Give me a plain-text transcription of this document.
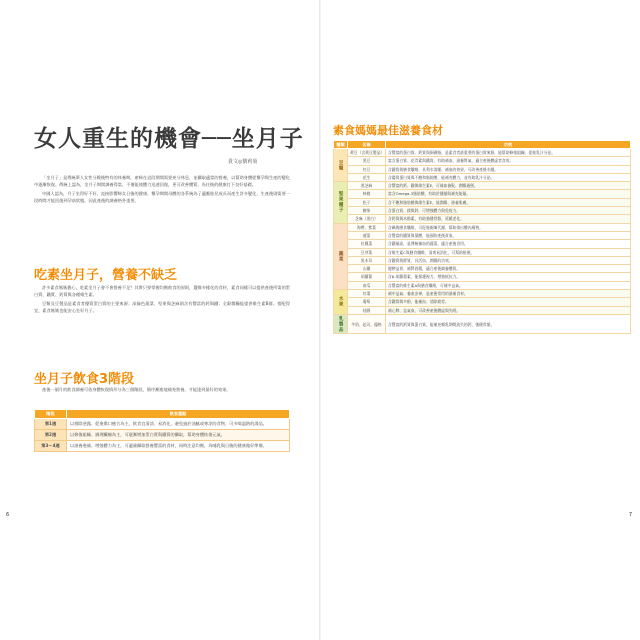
女人重生的機會──坐月子
貴文◎劉莉菊

「坐月子」是傳統華人女性分娩後特有的休養期。產婦在這段期間需要充分休息，並攝取適當的營養，以幫助身體從懷孕與生產的變化中逐漸恢復。傳統上認為，坐月子期間調養得當，不僅能使體力迅速回復，更可改善體質，為往後的健康打下良好基礎。

中國人認為，月子坐得好不好，直接影響婦女日後的健康。懷孕期間母體的各系統為了適應胎兒成長而產生許多變化，生產後則需要一段時間才能回復到孕前狀態，因此產後的調養格外重要。

吃素坐月子，營養不缺乏

許多素食媽媽擔心，吃素坐月子會不會營養不足？其實只要掌握均衡飲食的原則，選擇多樣化的食材，素食同樣可以提供產後所需的蛋白質、鐵質、鈣質與各種維生素。

豆類及豆製品是素食者優質蛋白質的主要來源；深綠色蔬菜、堅果與芝麻則含有豐富的鈣與鐵；全穀雜糧能提供維生素B群。搭配得宜，素食媽媽也能安心坐好月子。

坐月子飲食3階段

產後一個月的飲食調養可依身體恢復情形分為三個階段，循序漸進地補充營養，才能達到最好的效果。

階段	飲食重點
第1週	以排除惡露、促進傷口癒合為主，飲食宜清淡、易消化，避免過於油膩或寒涼的食物，可多喝溫熱的湯品。
第2週	以修復組織、調理臟腑為主，可逐漸增加蛋白質與鐵質的攝取，幫助身體恢復元氣。
第3～4週	以滋養進補、增強體力為主，可適量攝取營養豐富的食材，同時注意均衡，為哺乳與日後的健康做好準備。
6
素食媽媽最佳滋養食材
種類	名稱	功效
豆類	黃豆（含黃豆製品）	含豐富的蛋白質、鈣質與卵磷脂，是素食者最重要的蛋白質來源，能幫助修復組織、促進乳汁分泌。
	黑豆	富含蛋白質、花青素與鐵質，有助補血、滋養腎氣，適合產後體虛者食用。
	紅豆	含鐵質與膳食纖維，具利水消腫、補血的效果，可改善產後水腫。
	花生	含優質蛋白質與不飽和脂肪酸，能補充體力，並有助乳汁分泌。
堅果種子	黑芝麻	含豐富的鈣、鐵與維生素E，可補血養髮、潤腸通便。
	核桃	富含Omega-3脂肪酸，有助於健腦與補充能量。
	松子	含不飽和脂肪酸與維生素E，能潤腸、滋養肌膚。
	腰果	含蛋白質、鎂與鋅，可增強體力與免疫力。
	芝麻（黑白）	含鈣質與木酚素，有助強健骨骼、延緩老化。
蔬菜	海帶、紫菜	含碘與膳食纖維，可促進新陳代謝、幫助排出體內廢物。
	菠菜	含豐富的鐵質與葉酸，能預防產後貧血。
	紅鳳菜	含鐵量高，是傳統補血的蔬菜，適合產後食用。
	豆芽菜	含維生素C與膳食纖維，清爽易消化，可幫助排便。
	黑木耳	含鐵質與膠質，具活血、潤腸的功效。
	山藥	健脾益胃、補腎固精，適合產後調養體質。
	胡蘿蔔	含β-胡蘿蔔素，能保護視力、增強抵抗力。
	南瓜	含豐富的維生素A與膳食纖維，可補中益氣。
水果	紅棗	補中益氣、養血安神，是產後常用的滋補食材。
	葡萄	含鐵質與多酚，能補血、消除疲勞。
	桂圓	補心脾、益氣血，可改善產後體虛與失眠。
乳製品	牛奶、起司、優格	含豐富的鈣質與蛋白質，能補充哺乳期間流失的鈣，強健骨骼。
7
